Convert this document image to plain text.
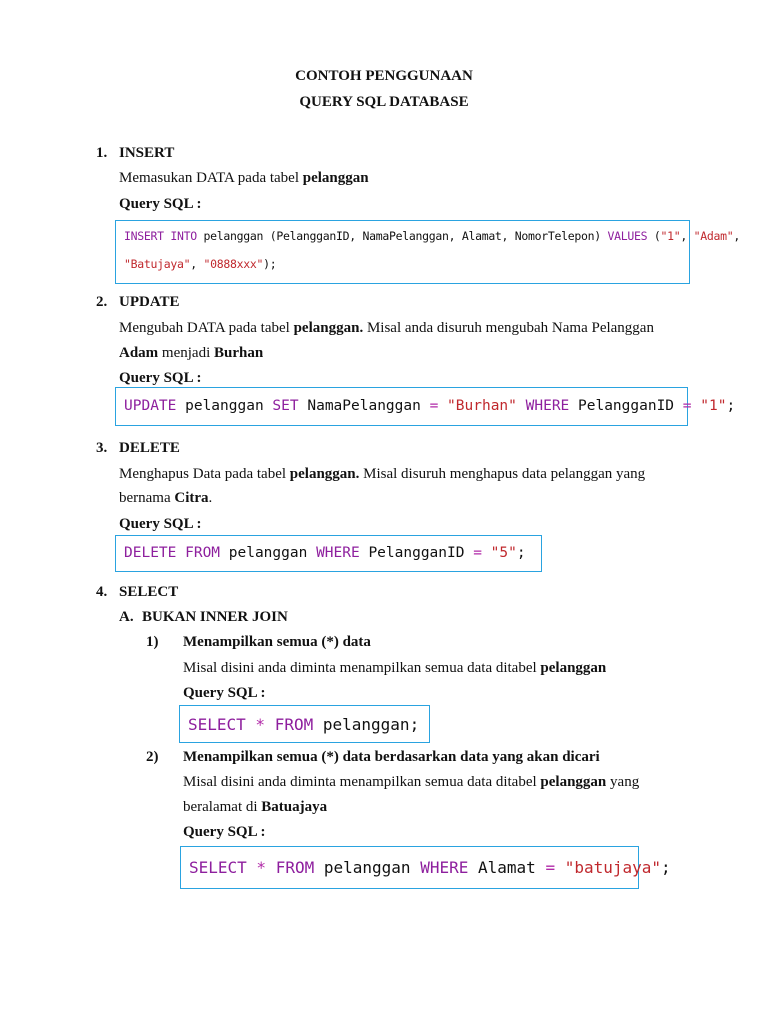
CONTOH PENGGUNAAN
QUERY SQL DATABASE
1. INSERT
Memasukan DATA pada tabel pelanggan
Query SQL :
INSERT INTO pelanggan (PelangganID, NamaPelanggan, Alamat, NomorTelepon) VALUES ("1", "Adam",
"Batujaya", "0888xxx");
2. UPDATE
Mengubah DATA pada tabel pelanggan. Misal anda disuruh mengubah Nama Pelanggan
Adam menjadi Burhan
Query SQL :
UPDATE pelanggan SET NamaPelanggan = "Burhan" WHERE PelangganID = "1";
3. DELETE
Menghapus Data pada tabel pelanggan. Misal disuruh menghapus data pelanggan yang
bernama Citra.
Query SQL :
DELETE FROM pelanggan WHERE PelangganID = "5";
4. SELECT
A. BUKAN INNER JOIN
1) Menampilkan semua (*) data
Misal disini anda diminta menampilkan semua data ditabel pelanggan
Query SQL :
SELECT * FROM pelanggan;
2) Menampilkan semua (*) data berdasarkan data yang akan dicari
Misal disini anda diminta menampilkan semua data ditabel pelanggan yang
beralamat di Batuajaya
Query SQL :
SELECT * FROM pelanggan WHERE Alamat = "batujaya";
